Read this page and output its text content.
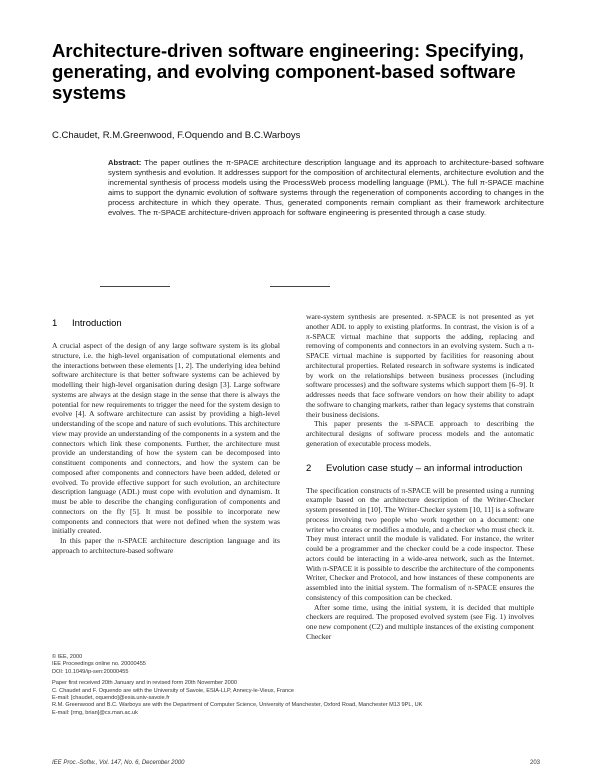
Architecture-driven software engineering: Specifying, generating, and evolving component-based software systems
C.Chaudet, R.M.Greenwood, F.Oquendo and B.C.Warboys

Abstract: The paper outlines the π-SPACE architecture description language and its approach to architecture-based software system synthesis and evolution. It addresses support for the composition of architectural elements, architecture evolution and the incremental synthesis of process models using the ProcessWeb process modelling language (PML). The full π-SPACE machine aims to support the dynamic evolution of software systems through the regeneration of components according to changes in the process architecture in which they operate. Thus, generated components remain compliant as their framework architecture evolves. The π-SPACE architecture-driven approach for software engineering is presented through a case study.

1 Introduction

A crucial aspect of the design of any large software system is its global structure, i.e. the high-level organisation of computational elements and the interactions between these elements [1, 2]. The underlying idea behind software architecture is that better software systems can be achieved by modelling their high-level organisation during design [3]. Large software systems are always at the design stage in the sense that there is always the potential for new requirements to trigger the need for the system design to evolve [4]. A software architecture can assist by providing a high-level understanding of the scope and nature of such evolutions. This architecture view may provide an understanding of the components in a system and the connectors which link these components. Further, the architecture must provide an understanding of how the system can be decomposed into constituent components and connectors, and how the system can be composed after components and connectors have been added, deleted or evolved. To provide effective support for such evolution, an architecture description language (ADL) must cope with evolution and dynamism. It must be able to describe the changing configuration of components and connectors on the fly [5]. It must be possible to incorporate new components and connectors that were not defined when the system was initially created.

In this paper the π-SPACE architecture description language and its approach to architecture-based software

© IEE, 2000
IEE Proceedings online no. 20000455
DOI: 10.1049/ip-sen:20000455
Paper first received 20th January and in revised form 20th November 2000
C. Chaudet and F. Oquendo are with the University of Savoie, ESIA-LLP, Annecy-le-Vieux, France
E-mail: [chaudet, oquendo]@esia.univ-savoie.fr
R.M. Greenwood and B.C. Warboys are with the Department of Computer Science, University of Manchester, Oxford Road, Manchester M13 9PL, UK
E-mail: [rmg, brian]@cs.man.ac.uk

ware-system synthesis are presented. π-SPACE is not presented as yet another ADL to apply to existing platforms. In contrast, the vision is of a π-SPACE virtual machine that supports the adding, replacing and removing of components and connectors in an evolving system. Such a π-SPACE virtual machine is supported by facilities for reasoning about architectural properties. Related research in software systems is indicated by work on the relationships between business processes (including software processes) and the software systems which support them [6–9]. It addresses needs that face software vendors on how their ability to adapt the software to changing markets, rather than legacy systems that constrain their business decisions.

This paper presents the π-SPACE approach to describing the architectural designs of software process models and the automatic generation of executable process models.

2 Evolution case study – an informal introduction

The specification constructs of π-SPACE will be presented using a running example based on the architecture description of the Writer-Checker system presented in [10]. The Writer-Checker system [10, 11] is a software process involving two people who work together on a document: one writer who creates or modifies a module, and a checker who must check it. They must interact until the module is validated. For instance, the writer could be a programmer and the checker could be a code inspector. These actors could be interacting in a wide-area network, such as the Internet. With π-SPACE it is possible to describe the architecture of the components Writer, Checker and Protocol, and how instances of these components are assembled into the initial system. The formalism of π-SPACE ensures the consistency of this composition can be checked.

After some time, using the initial system, it is decided that multiple checkers are required. The proposed evolved system (see Fig. 1) involves one new component (C2) and multiple instances of the existing component Checker

IEE Proc.-Softw., Vol. 147, No. 6, December 2000	203
